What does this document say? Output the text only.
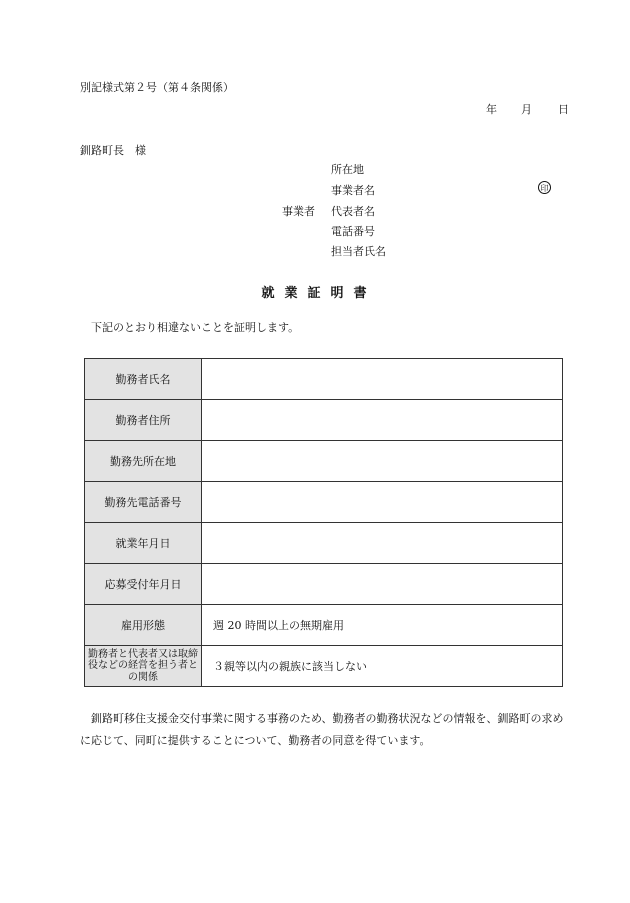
別記様式第２号（第４条関係）
年 月 日
釧路町長　様
事業者
所在地
事業者名
代表者名
電話番号
担当者氏名
印
就業証明書
下記のとおり相違ないことを証明します。
勤務者氏名	
勤務者住所	
勤務先所在地	
勤務先電話番号	
就業年月日	
応募受付年月日	
雇用形態	週 20 時間以上の無期雇用
勤務者と代表者又は取締役などの経営を担う者との関係	３親等以内の親族に該当しない
釧路町移住支援金交付事業に関する事務のため、勤務者の勤務状況などの情報を、釧路町の求めに応じて、同町に提供することについて、勤務者の同意を得ています。
